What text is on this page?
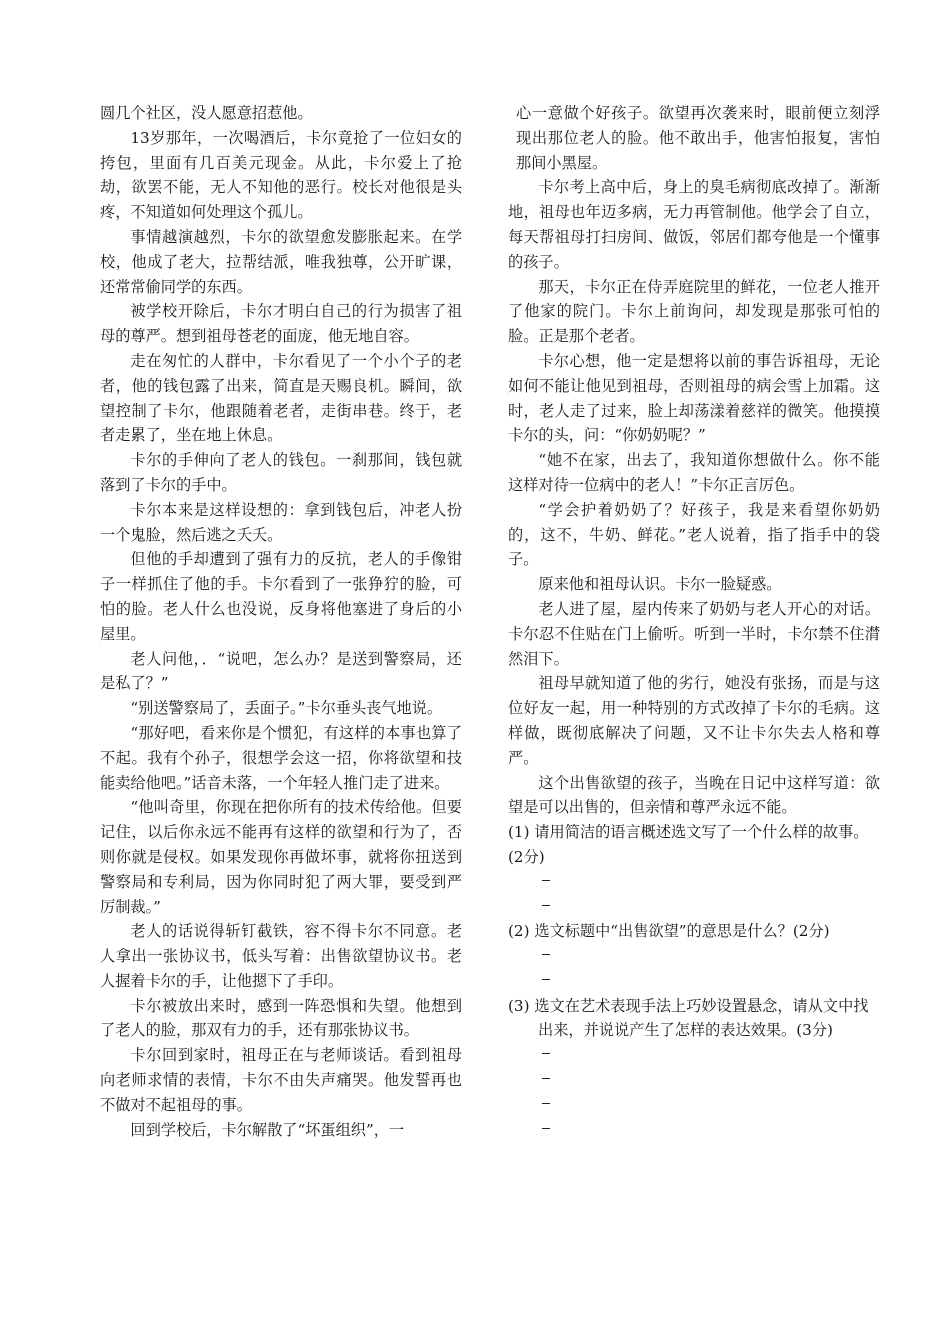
圆几个社区，没人愿意招惹他。

13岁那年，一次喝酒后，卡尔竟抢了一位妇女的挎包，里面有几百美元现金。从此，卡尔爱上了抢劫，欲罢不能，无人不知他的恶行。校长对他很是头疼，不知道如何处理这个孤儿。

事情越演越烈，卡尔的欲望愈发膨胀起来。在学校，他成了老大，拉帮结派，唯我独尊，公开旷课，还常常偷同学的东西。

被学校开除后，卡尔才明白自己的行为损害了祖母的尊严。想到祖母苍老的面庞，他无地自容。

走在匆忙的人群中，卡尔看见了一个小个子的老者，他的钱包露了出来，简直是天赐良机。瞬间，欲望控制了卡尔，他跟随着老者，走街串巷。终于，老者走累了，坐在地上休息。

卡尔的手伸向了老人的钱包。一刹那间，钱包就落到了卡尔的手中。

卡尔本来是这样设想的：拿到钱包后，冲老人扮一个鬼脸，然后逃之夭夭。

但他的手却遭到了强有力的反抗，老人的手像钳子一样抓住了他的手。卡尔看到了一张狰狞的脸，可怕的脸。老人什么也没说，反身将他塞进了身后的小屋里。

老人问他，．“说吧，怎么办？是送到警察局，还是私了？”

“别送警察局了，丢面子。”卡尔垂头丧气地说。

“那好吧，看来你是个惯犯，有这样的本事也算了不起。我有个孙子，很想学会这一招，你将欲望和技能卖给他吧。”话音未落，一个年轻人推门走了进来。

“他叫奇里，你现在把你所有的技术传给他。但要记住，以后你永远不能再有这样的欲望和行为了，否则你就是侵权。如果发现你再做坏事，就将你扭送到警察局和专利局，因为你同时犯了两大罪，要受到严厉制裁。”

老人的话说得斩钉截铁，容不得卡尔不同意。老人拿出一张协议书，低头写着：出售欲望协议书。老人握着卡尔的手，让他摁下了手印。

卡尔被放出来时，感到一阵恐惧和失望。他想到了老人的脸，那双有力的手，还有那张协议书。

卡尔回到家时，祖母正在与老师谈话。看到祖母向老师求情的表情，卡尔不由失声痛哭。他发誓再也不做对不起祖母的事。

回到学校后，卡尔解散了“坏蛋组织”，一

心一意做个好孩子。欲望再次袭来时，眼前便立刻浮现出那位老人的脸。他不敢出手，他害怕报复，害怕那间小黑屋。

卡尔考上高中后，身上的臭毛病彻底改掉了。渐渐地，祖母也年迈多病，无力再管制他。他学会了自立，每天帮祖母打扫房间、做饭，邻居们都夸他是一个懂事的孩子。

那天，卡尔正在侍弄庭院里的鲜花，一位老人推开了他家的院门。卡尔上前询问，却发现是那张可怕的脸。正是那个老者。

卡尔心想，他一定是想将以前的事告诉祖母，无论如何不能让他见到祖母，否则祖母的病会雪上加霜。这时，老人走了过来，脸上却荡漾着慈祥的微笑。他摸摸卡尔的头，问：“你奶奶呢？”

“她不在家，出去了，我知道你想做什么。你不能这样对待一位病中的老人！”卡尔正言厉色。

“学会护着奶奶了？好孩子，我是来看望你奶奶的，这不，牛奶、鲜花。”老人说着，指了指手中的袋子。

原来他和祖母认识。卡尔一脸疑惑。

老人进了屋，屋内传来了奶奶与老人开心的对话。卡尔忍不住贴在门上偷听。听到一半时，卡尔禁不住潸然泪下。

祖母早就知道了他的劣行，她没有张扬，而是与这位好友一起，用一种特别的方式改掉了卡尔的毛病。这样做，既彻底解决了问题，又不让卡尔失去人格和尊严。

这个出售欲望的孩子，当晚在日记中这样写道：欲望是可以出售的，但亲情和尊严永远不能。

(1) 请用简洁的语言概述选文写了一个什么样的故事。(2分)

(2) 选文标题中“出售欲望”的意思是什么？(2分)

(3) 选文在艺术表现手法上巧妙设置悬念，请从文中找出来，并说说产生了怎样的表达效果。(3分)
